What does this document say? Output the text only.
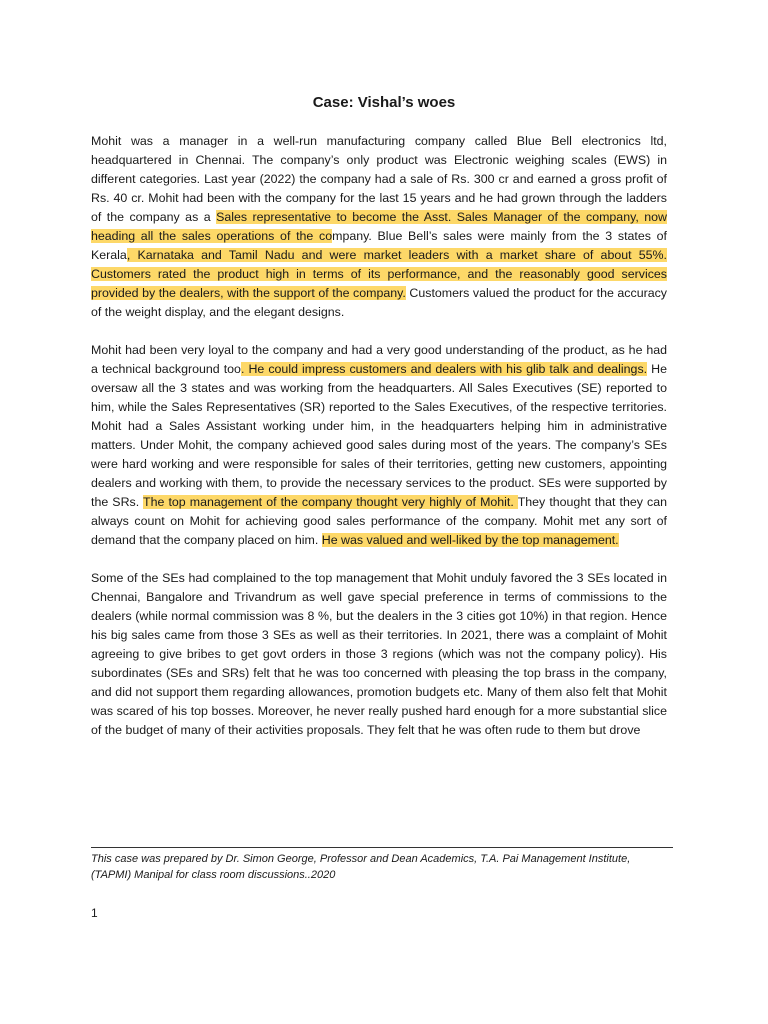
Case: Vishal’s woes

Mohit was a manager in a well-run manufacturing company called Blue Bell electronics ltd, headquartered in Chennai. The company’s only product was Electronic weighing scales (EWS) in different categories. Last year (2022) the company had a sale of Rs. 300 cr and earned a gross profit of Rs. 40 cr. Mohit had been with the company for the last 15 years and he had grown through the ladders of the company as a Sales representative to become the Asst. Sales Manager of the company, now heading all the sales operations of the company. Blue Bell’s sales were mainly from the 3 states of Kerala, Karnataka and Tamil Nadu and were market leaders with a market share of about 55%. Customers rated the product high in terms of its performance, and the reasonably good services provided by the dealers, with the support of the company. Customers valued the product for the accuracy of the weight display, and the elegant designs.

Mohit had been very loyal to the company and had a very good understanding of the product, as he had a technical background too. He could impress customers and dealers with his glib talk and dealings. He oversaw all the 3 states and was working from the headquarters. All Sales Executives (SE) reported to him, while the Sales Representatives (SR) reported to the Sales Executives, of the respective territories. Mohit had a Sales Assistant working under him, in the headquarters helping him in administrative matters. Under Mohit, the company achieved good sales during most of the years. The company’s SEs were hard working and were responsible for sales of their territories, getting new customers, appointing dealers and working with them, to provide the necessary services to the product. SEs were supported by the SRs. The top management of the company thought very highly of Mohit. They thought that they can always count on Mohit for achieving good sales performance of the company. Mohit met any sort of demand that the company placed on him. He was valued and well-liked by the top management.

Some of the SEs had complained to the top management that Mohit unduly favored the 3 SEs located in Chennai, Bangalore and Trivandrum as well gave special preference in terms of commissions to the dealers (while normal commission was 8 %, but the dealers in the 3 cities got 10%) in that region. Hence his big sales came from those 3 SEs as well as their territories. In 2021, there was a complaint of Mohit agreeing to give bribes to get govt orders in those 3 regions (which was not the company policy). His subordinates (SEs and SRs) felt that he was too concerned with pleasing the top brass in the company, and did not support them regarding allowances, promotion budgets etc. Many of them also felt that Mohit was scared of his top bosses. Moreover, he never really pushed hard enough for a more substantial slice of the budget of many of their activities proposals. They felt that he was often rude to them but drove

This case was prepared by Dr. Simon George, Professor and Dean Academics, T.A. Pai Management Institute, (TAPMI) Manipal for class room discussions..2020
1
